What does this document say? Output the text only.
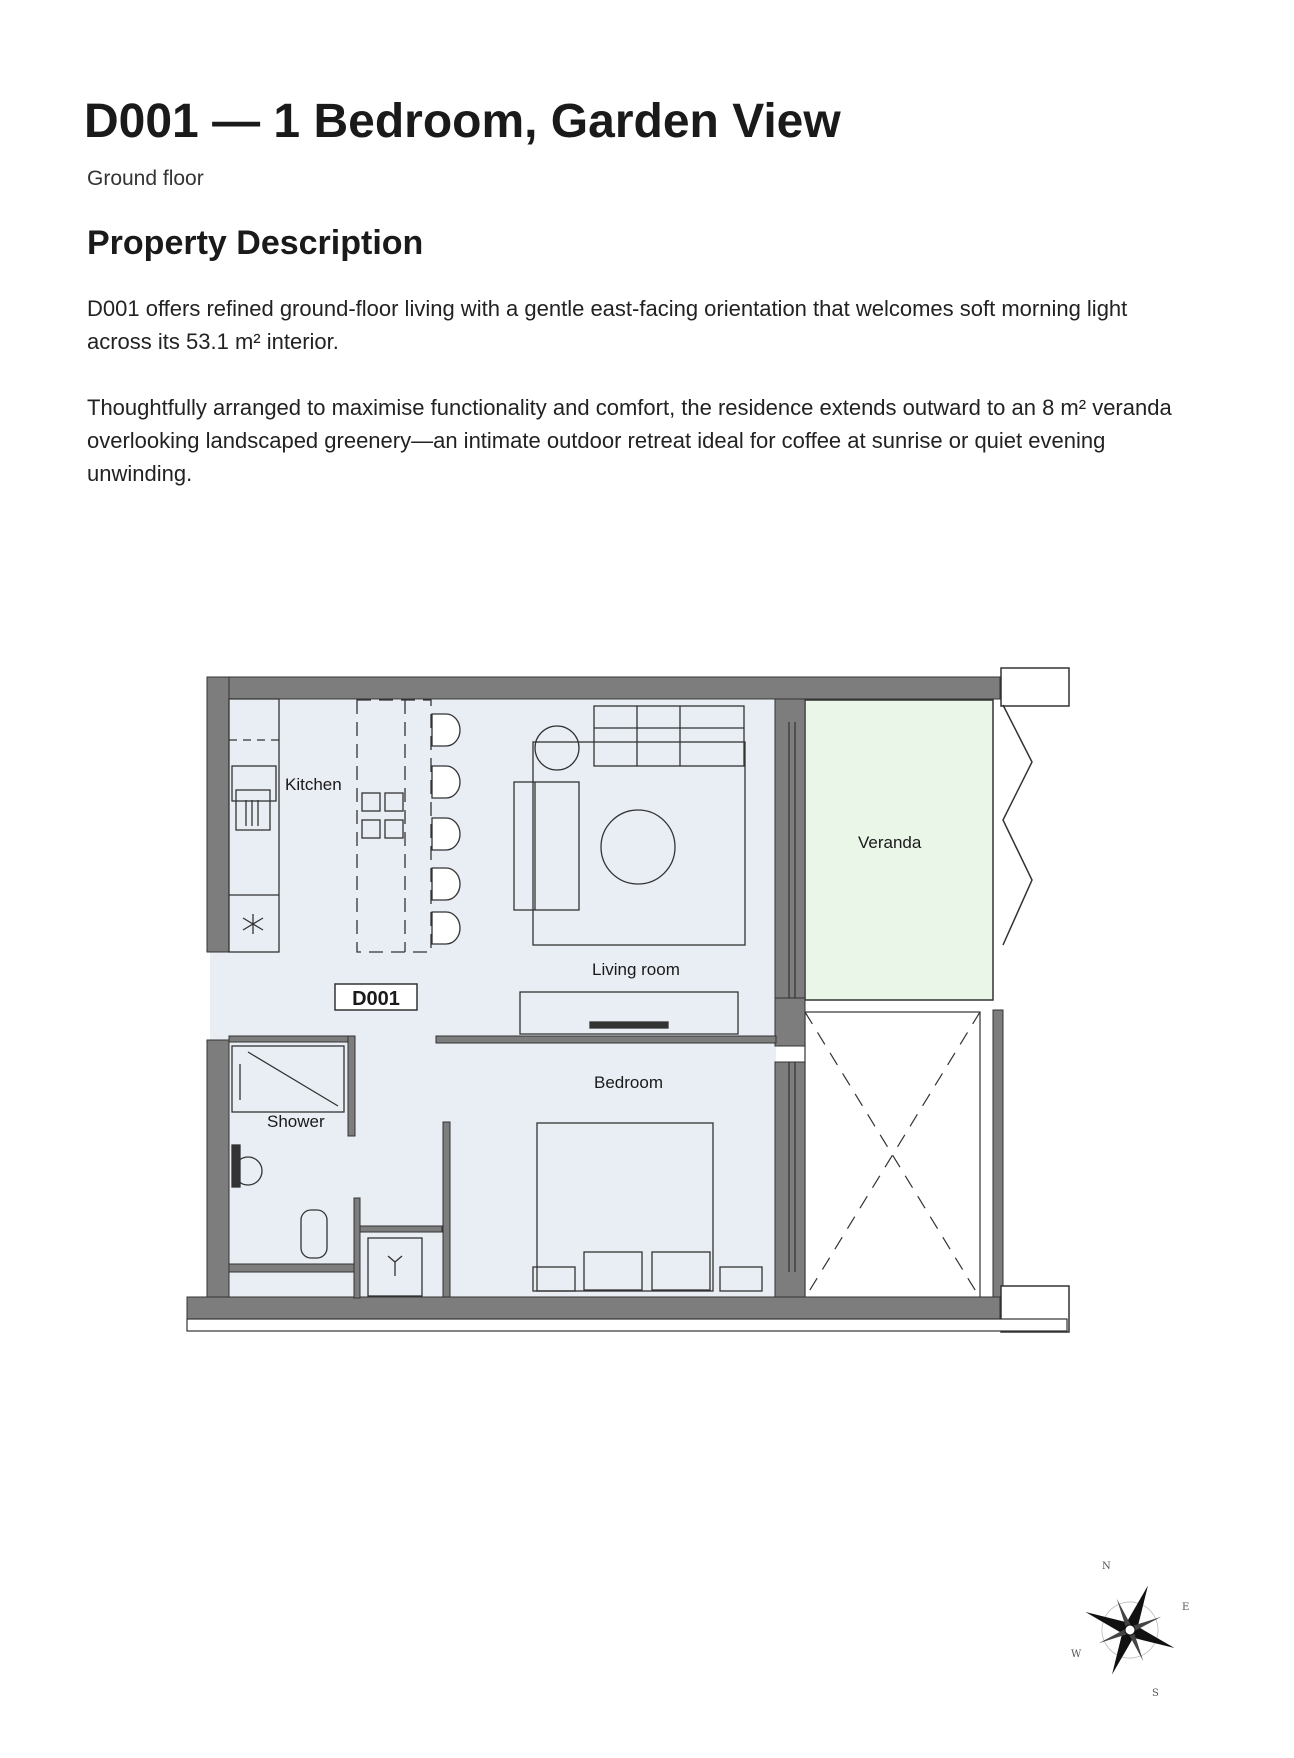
D001 — 1 Bedroom, Garden View
Ground floor
Property Description

D001 offers refined ground-floor living with a gentle east-facing orientation that welcomes soft morning light across its 53.1 m² interior.

Thoughtfully arranged to maximise functionality and comfort, the residence extends outward to an 8 m² veranda overlooking landscaped greenery—an intimate outdoor retreat ideal for coffee at sunrise or quiet evening unwinding.

Kitchen
Veranda
Living room
Bedroom
Shower
D001
N
E
S
W
